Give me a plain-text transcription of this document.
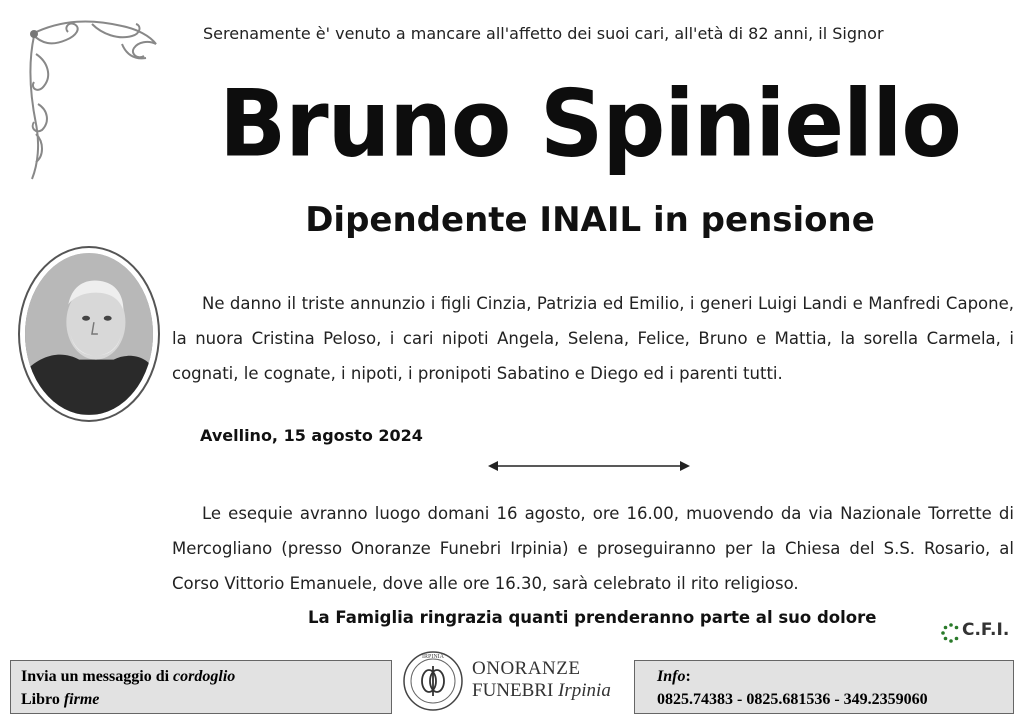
Serenamente è' venuto a mancare all'affetto dei suoi cari, all'età di 82 anni, il Signor
Bruno Spiniello
Dipendente INAIL in pensione
Ne danno il triste annunzio i figli Cinzia, Patrizia ed Emilio, i generi Luigi Landi e Manfredi Capone, la nuora Cristina Peloso, i cari nipoti Angela, Selena, Felice, Bruno e Mattia, la sorella Carmela, i cognati, le cognate, i nipoti, i pronipoti Sabatino e Diego ed i parenti tutti.
Avellino, 15 agosto 2024
Le esequie avranno luogo domani 16 agosto, ore 16.00, muovendo da via Nazionale Torrette di Mercogliano (presso Onoranze Funebri Irpinia) e proseguiranno per la Chiesa del S.S. Rosario, al Corso Vittorio Emanuele, dove alle ore 16.30, sarà celebrato il rito religioso.
La Famiglia ringrazia quanti prenderanno parte al suo dolore
C.F.I.
Invia un messaggio di cordoglio
Libro firme
IRPINIA
ONORANZE
FUNEBRI Irpinia
Info:
0825.74383 - 0825.681536 - 349.2359060
